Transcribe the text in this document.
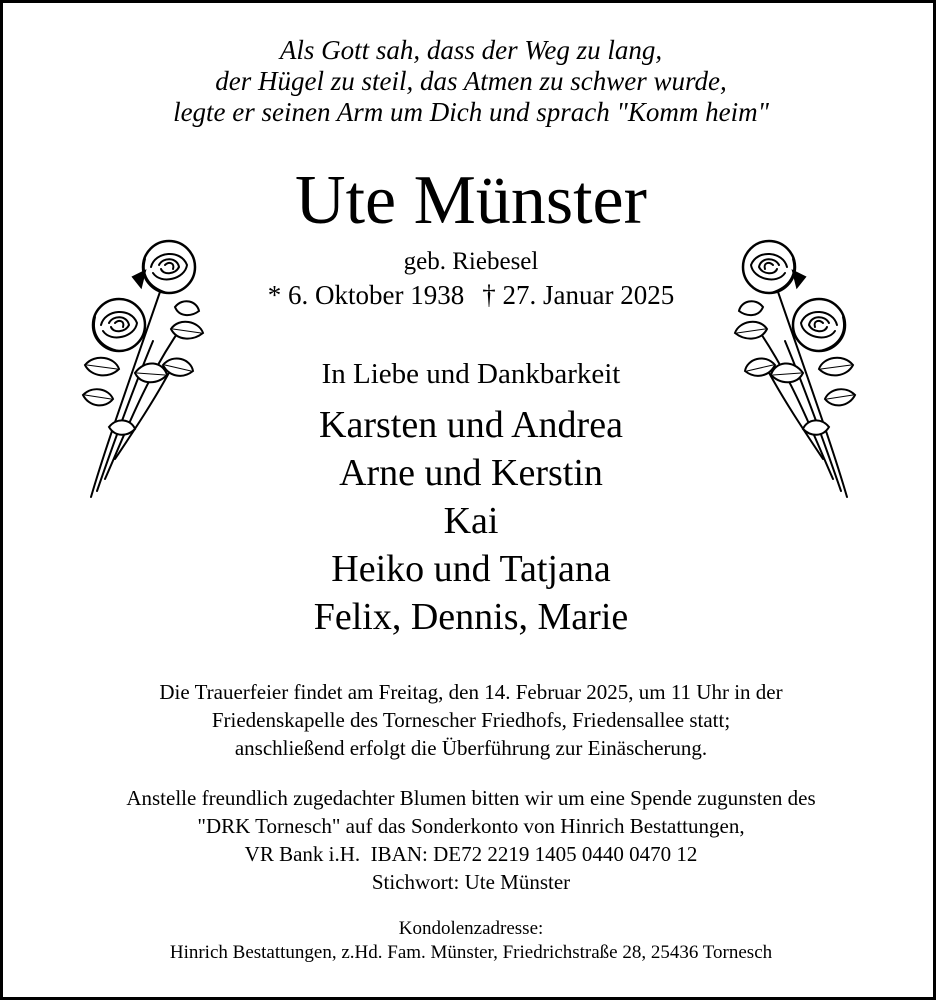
Als Gott sah, dass der Weg zu lang,
der Hügel zu steil, das Atmen zu schwer wurde,
legte er seinen Arm um Dich und sprach "Komm heim"
Ute Münster
geb. Riebesel
* 6. Oktober 1938 † 27. Januar 2025
In Liebe und Dankbarkeit
Karsten und Andrea
Arne und Kerstin
Kai
Heiko und Tatjana
Felix, Dennis, Marie
Die Trauerfeier findet am Freitag, den 14. Februar 2025, um 11 Uhr in der
Friedenskapelle des Tornescher Friedhofs, Friedensallee statt;
anschließend erfolgt die Überführung zur Einäscherung.
Anstelle freundlich zugedachter Blumen bitten wir um eine Spende zugunsten des
"DRK Tornesch" auf das Sonderkonto von Hinrich Bestattungen,
VR Bank i.H.  IBAN: DE72 2219 1405 0440 0470 12
Stichwort: Ute Münster
Kondolenzadresse:
Hinrich Bestattungen, z.Hd. Fam. Münster, Friedrichstraße 28, 25436 Tornesch
